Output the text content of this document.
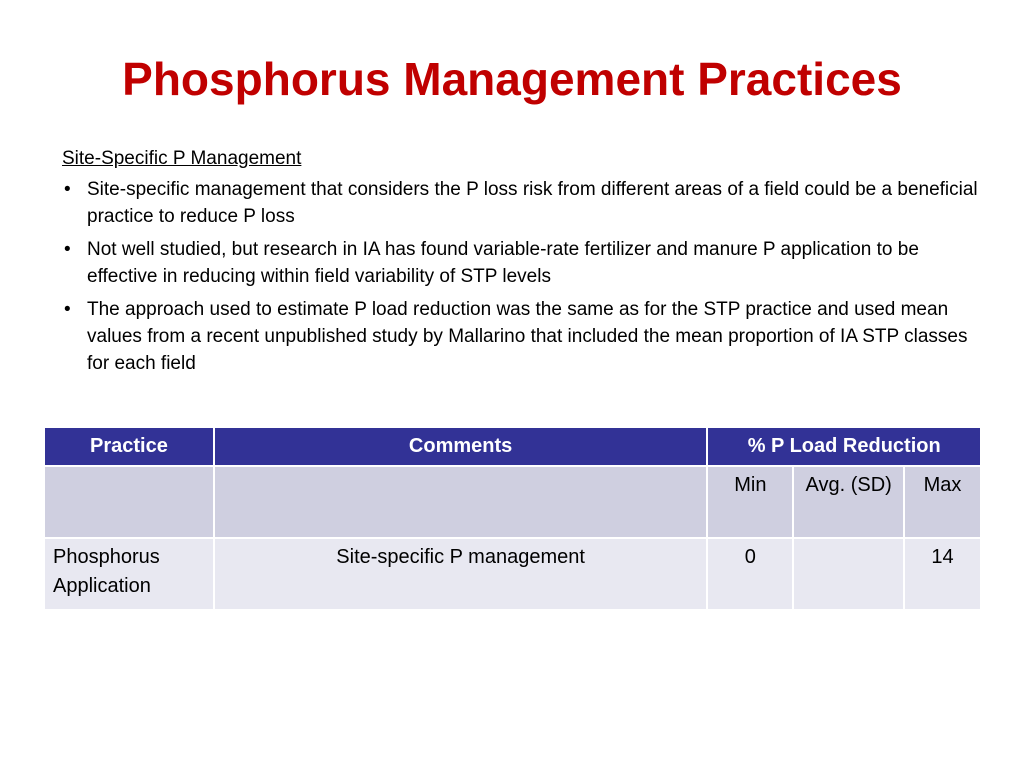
Phosphorus Management Practices

Site-Specific P Management

• Site-specific management that considers the P loss risk from different areas of a field could be a beneficial practice to reduce P loss
• Not well studied, but research in IA has found variable-rate fertilizer and manure P application to be effective in reducing within field variability of STP levels
• The approach used to estimate P load reduction was the same as for the STP practice and used mean values from a recent unpublished study by Mallarino that included the mean proportion of IA STP classes for each field
Practice	Comments	% P Load Reduction		
		Min	Avg. (SD)	Max
Phosphorus Application	Site-specific P management	0		14
